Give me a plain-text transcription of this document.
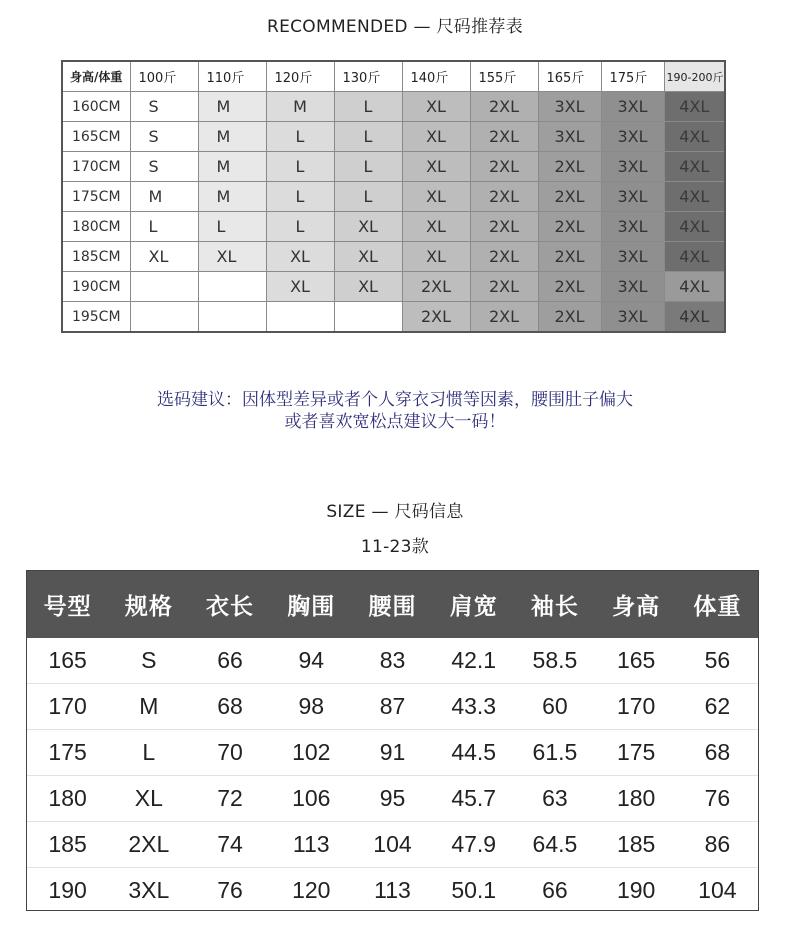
RECOMMENDED — 尺码推荐表
身高/体重	100斤	110斤	120斤	130斤	140斤	155斤	165斤	175斤	190-200斤
160CM	S	M	M	L	XL	2XL	3XL	3XL	4XL
165CM	S	M	L	L	XL	2XL	3XL	3XL	4XL
170CM	S	M	L	L	XL	2XL	2XL	3XL	4XL
175CM	M	M	L	L	XL	2XL	2XL	3XL	4XL
180CM	L	L	L	XL	XL	2XL	2XL	3XL	4XL
185CM	XL	XL	XL	XL	XL	2XL	2XL	3XL	4XL
190CM			XL	XL	2XL	2XL	2XL	3XL	4XL
195CM					2XL	2XL	2XL	3XL	4XL
选码建议：因体型差异或者个人穿衣习惯等因素，腰围肚子偏大
或者喜欢宽松点建议大一码！
SIZE — 尺码信息
11-23款
号型	规格	衣长	胸围	腰围	肩宽	袖长	身高	体重
165	S	66	94	83	42.1	58.5	165	56
170	M	68	98	87	43.3	60	170	62
175	L	70	102	91	44.5	61.5	175	68
180	XL	72	106	95	45.7	63	180	76
185	2XL	74	113	104	47.9	64.5	185	86
190	3XL	76	120	113	50.1	66	190	104
